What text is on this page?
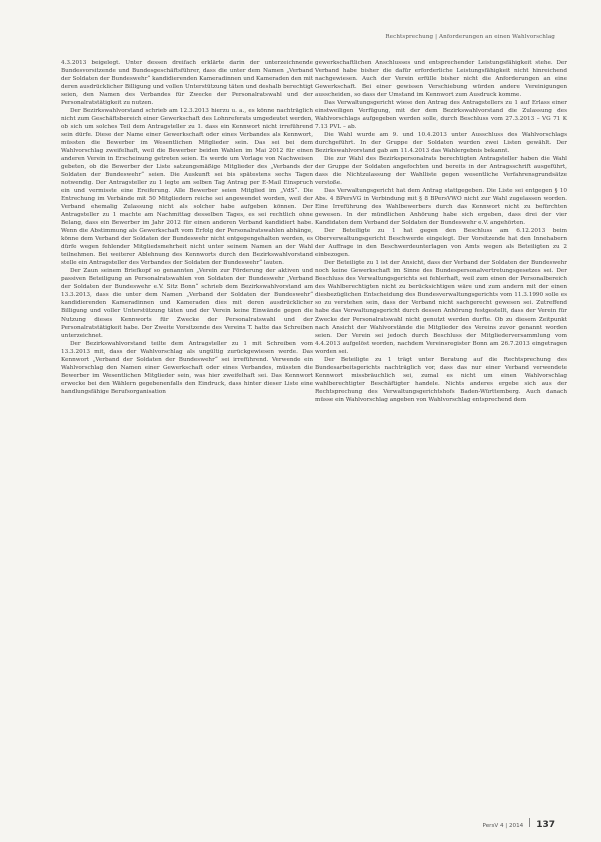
Rechtsprechung | Anforderungen an einen Wahlvorschlag

4.3.2013 beigelegt. Unter dessen dreifach erklärte darin der unterzeichnende Bundesvorsitzende und Bundesgeschäftsführer, dass die unter dem Namen „Verband der Soldaten der Bundeswehr“ kandidierenden Kameradinnen und Kameraden den mit deren ausdrücklicher Billigung und vollen Unterstützung täten und deshalb berechtigt seien, den Namen des Verbandes für Zwecke der Personalratswahl und der Personalratstätigkeit zu nutzen.

Der Bezirkswahlvorstand schrieb am 12.3.2013 hierzu u. a., es könne nachträglich nicht zum Geschäftsbereich einer Gewerkschaft des Lohnreferats umgedeutet werden, ob sich um solches Teil dem Antragsteller zu 1. dass ein Kennwort nicht irreführend sein dürfe. Diese der Name einer Gewerkschaft oder eines Verbandes als Kennwort, müssten die Bewerber im Wesentlichen Mitglieder sein. Das sei bei dem Wahlvorschlag zweifelhaft, weil die Bewerber beiden Wahlen im Mai 2012 für einen anderen Verein in Erscheinung getreten seien. Es werde um Vorlage von Nachweisen gebeten, ob die Bewerber der Liste satzungsmäßige Mitglieder des „Verbands der Soldaten der Bundeswehr“ seien. Die Auskunft sei bis spätestens sechs Tagen notwendig. Der Antragsteller zu 1 legte am selben Tag Antrag per E-Mail Einspruch ein und vermisste eine Ereiferung. Alle Bewerber seien Mitglied im „VdS“. Die Entrechung im Verbände mit 50 Mitgliedern reiche sei angewendet worden, weil der Verband ehemalig Zulassung nicht als solcher habe aufgeben können. Der Antragsteller zu 1 machte am Nachmittag desselben Tages, es sei rechtlich ohne Belang, dass ein Bewerber im Jahr 2012 für einen anderen Verband kandidiert habe. Wenn die Abstimmung als Gewerkschaft vom Erfolg der Personalratswahlen abhänge, könne dem Verband der Soldaten der Bundeswehr nicht entgegengehalten werden, es dürfe wegen fehlender Mitgliedsmehrheit nicht unter seinem Namen an der Wahl teilnehmen. Bei weiterer Ablehnung des Kennworts durch den Bezirkswahlvorstand stelle ein Antragsteller des Verbandes der Soldaten der Bundeswehr“ lauten.

Der Zaun seinem Briefkopf so genannten „Verein zur Förderung der aktiven und passiven Beteiligung an Personalratswahlen von Soldaten der Bundeswehr ‚Verband der Soldaten der Bundeswehr e.V. Sitz Bonn“ schrieb dem Bezirkswahlvorstand am 13.3.2013, dass die unter dem Namen „Verband der Soldaten der Bundeswehr“ kandidierenden Kameradinnen und Kameraden dies mit deren ausdrücklicher Billigung und voller Unterstützung täten und der Verein keine Einwände gegen die Nutzung dieses Kennworts für Zwecke der Personalratswahl und der Personalratstätigkeit habe. Der Zweite Vorsitzende des Vereins T. hatte das Schreiben unterzeichnet.

Der Bezirkswahlvorstand teilte dem Antragsteller zu 1 mit Schreiben vom 13.3.2013 mit, dass der Wahlvorschlag als ungültig zurückgewiesen werde. Das Kennwort „Verband der Soldaten der Bundeswehr“ sei irreführend. Verwende ein Wahlvorschlag den Namen einer Gewerkschaft oder eines Verbandes, müssten die Bewerber im Wesentlichen Mitglieder sein, was hier zweifelhaft sei. Das Kennwort erwecke bei den Wählern gegebenenfalls den Eindruck, dass hinter dieser Liste eine handlungsfähige Berufsorganisation

gewerkschaftlichen Anschlusses und entsprechender Leistungsfähigkeit stehe. Der Verband habe bisher die dafür erforderliche Leistungsfähigkeit nicht hinreichend nachgewiesen. Auch der Verein erfülle bisher nicht die Anforderungen an eine Gewerkschaft. Bei einer gewissen Verschiebung würden andere Vereinigungen ausscheiden, so dass der Umstand im Kennwort zum Ausdruck komme.

Das Verwaltungsgericht wiese den Antrag des Antragstellers zu 1 auf Erlass einer einstweiligen Verfügung, mit der dem Bezirkswahlvorstand die Zulassung des Wahlvorschlags aufgegeben werden solle, durch Beschluss vom 27.3.2013 – VG 71 K 7.13 PVL – ab.

Die Wahl wurde am 9. und 10.4.2013 unter Ausschluss des Wahlvorschlags durchgeführt. In der Gruppe der Soldaten wurden zwei Listen gewählt. Der Bezirkswahlvorstand gab am 11.4.2013 das Wahlergebnis bekannt.

Die zur Wahl des Bezirkspersonalrats berechtigten Antragsteller haben die Wahl der Gruppe der Soldaten angefochten und bereits in der Antragsschrift ausgeführt, dass die Nichtzulassung der Wahlliste gegen wesentliche Verfahrensgrundsätze verstoße.

Das Verwaltungsgericht hat dem Antrag stattgegeben. Die Liste sei entgegen § 10 Abs. 4 BPersVG in Verbindung mit § 8 BPersVWO nicht zur Wahl zugelassen worden. Eine Irreführung des Wahlbewerbers durch das Kennwort nicht zu befürchten gewesen. In der mündlichen Anhörung habe sich ergeben, dass drei der vier Kandidaten dem Verband der Soldaten der Bundeswehr e.V. angehörten.

Der Beteiligte zu 1 hat gegen den Beschluss am 6.12.2013 beim Oberverwaltungsgericht Beschwerde eingelegt. Der Vorsitzende hat den Innehabern der Auffrage in den Beschwerdeunterlagen von Amts wegen als Beteiligten zu 2 einbezogen.

Der Beteiligte zu 1 ist der Ansicht, dass der Verband der Soldaten der Bundeswehr noch keine Gewerkschaft im Sinne des Bundespersonalvertretungsgesetzes sei. Der Beschluss des Verwaltungsgerichts sei fehlerhaft, weil zum einen der Personalbereich des Wahlberechtigten nicht zu berücksichtigen wäre und zum andern mit der einen diesbezüglichen Entscheidung des Bundesverwaltungsgerichts vom 11.3.1990 solle es so zu verstehen sein, dass der Verband nicht sachgerecht gewesen sei. Zutreffend habe das Verwaltungsgericht durch dessen Anhörung festgestellt, dass der Verein für Zwecke der Personalratswahl nicht genutzt werden durfte. Ob zu diesem Zeitpunkt nach Ansicht der Wahlvorstände die Mitglieder des Vereins zuvor genannt worden seien. Der Verein sei jedoch durch Beschluss der Mitgliederversammlung vom 4.4.2013 aufgelöst worden, nachdem Vereinsregister Bonn am 26.7.2013 eingetragen worden sei.

Der Beteiligte zu 1 trägt unter Beratung auf die Rechtsprechung des Bundesarbeitsgerichts nachträglich vor, dass das nur einer Verband verwendete Kennwort missbräuchlich sei, zumal es nicht um einen Wahlvorschlag wahlberechtigter Beschäftigter handele. Nichts anderes ergebe sich aus der Rechtsprechung des Verwaltungsgerichtshofs Baden-Württemberg. Auch danach müsse ein Wahlvorschlag angeben von Wahlvorschlag entsprechend dem

PersV 4 | 2014 137
